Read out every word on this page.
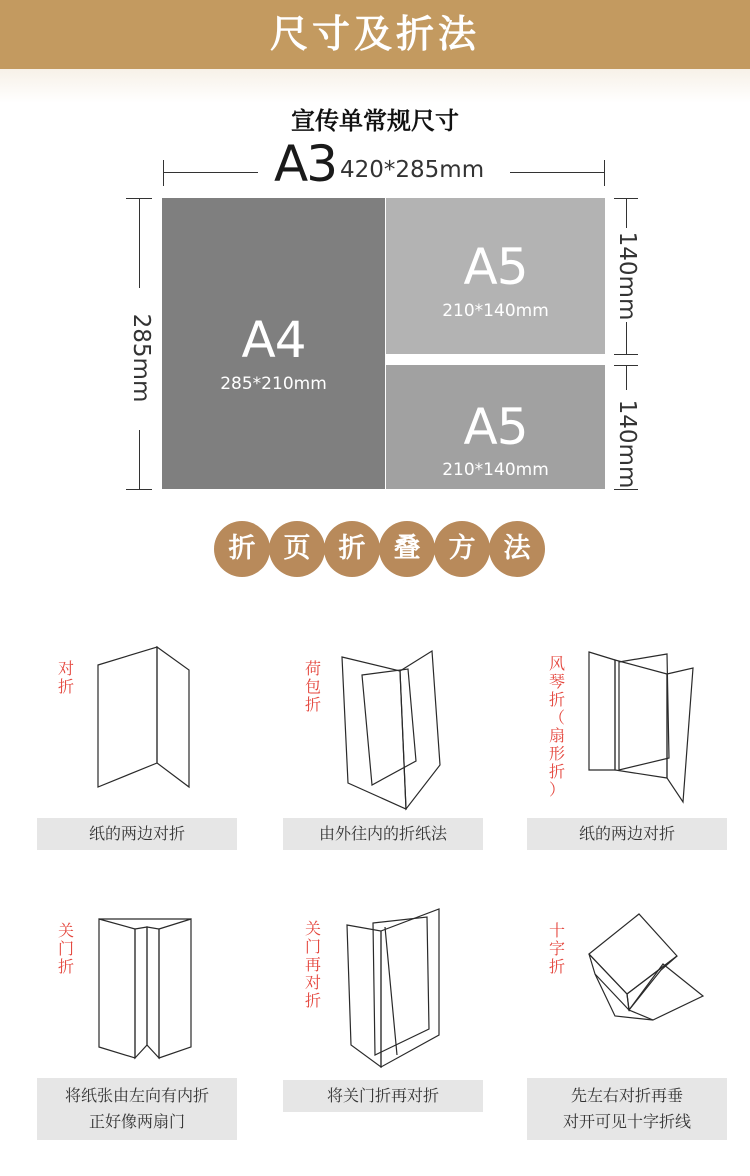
尺寸及折法
宣传单常规尺寸
A3 420*285mm
285mm	A4
285*210mm
A5
210*140mm
A5
210*140mm
140mm
140mm
折	页	折	叠	方	法
对
折
纸的两边对折
荷
包
折
由外往内的折纸法
风
琴
折
（
扇
形
折
）
纸的两边对折
关
门
折
将纸张由左向有内折
正好像两扇门
关
门
再
对
折
将关门折再对折
十
字
折
先左右对折再垂
对开可见十字折线
